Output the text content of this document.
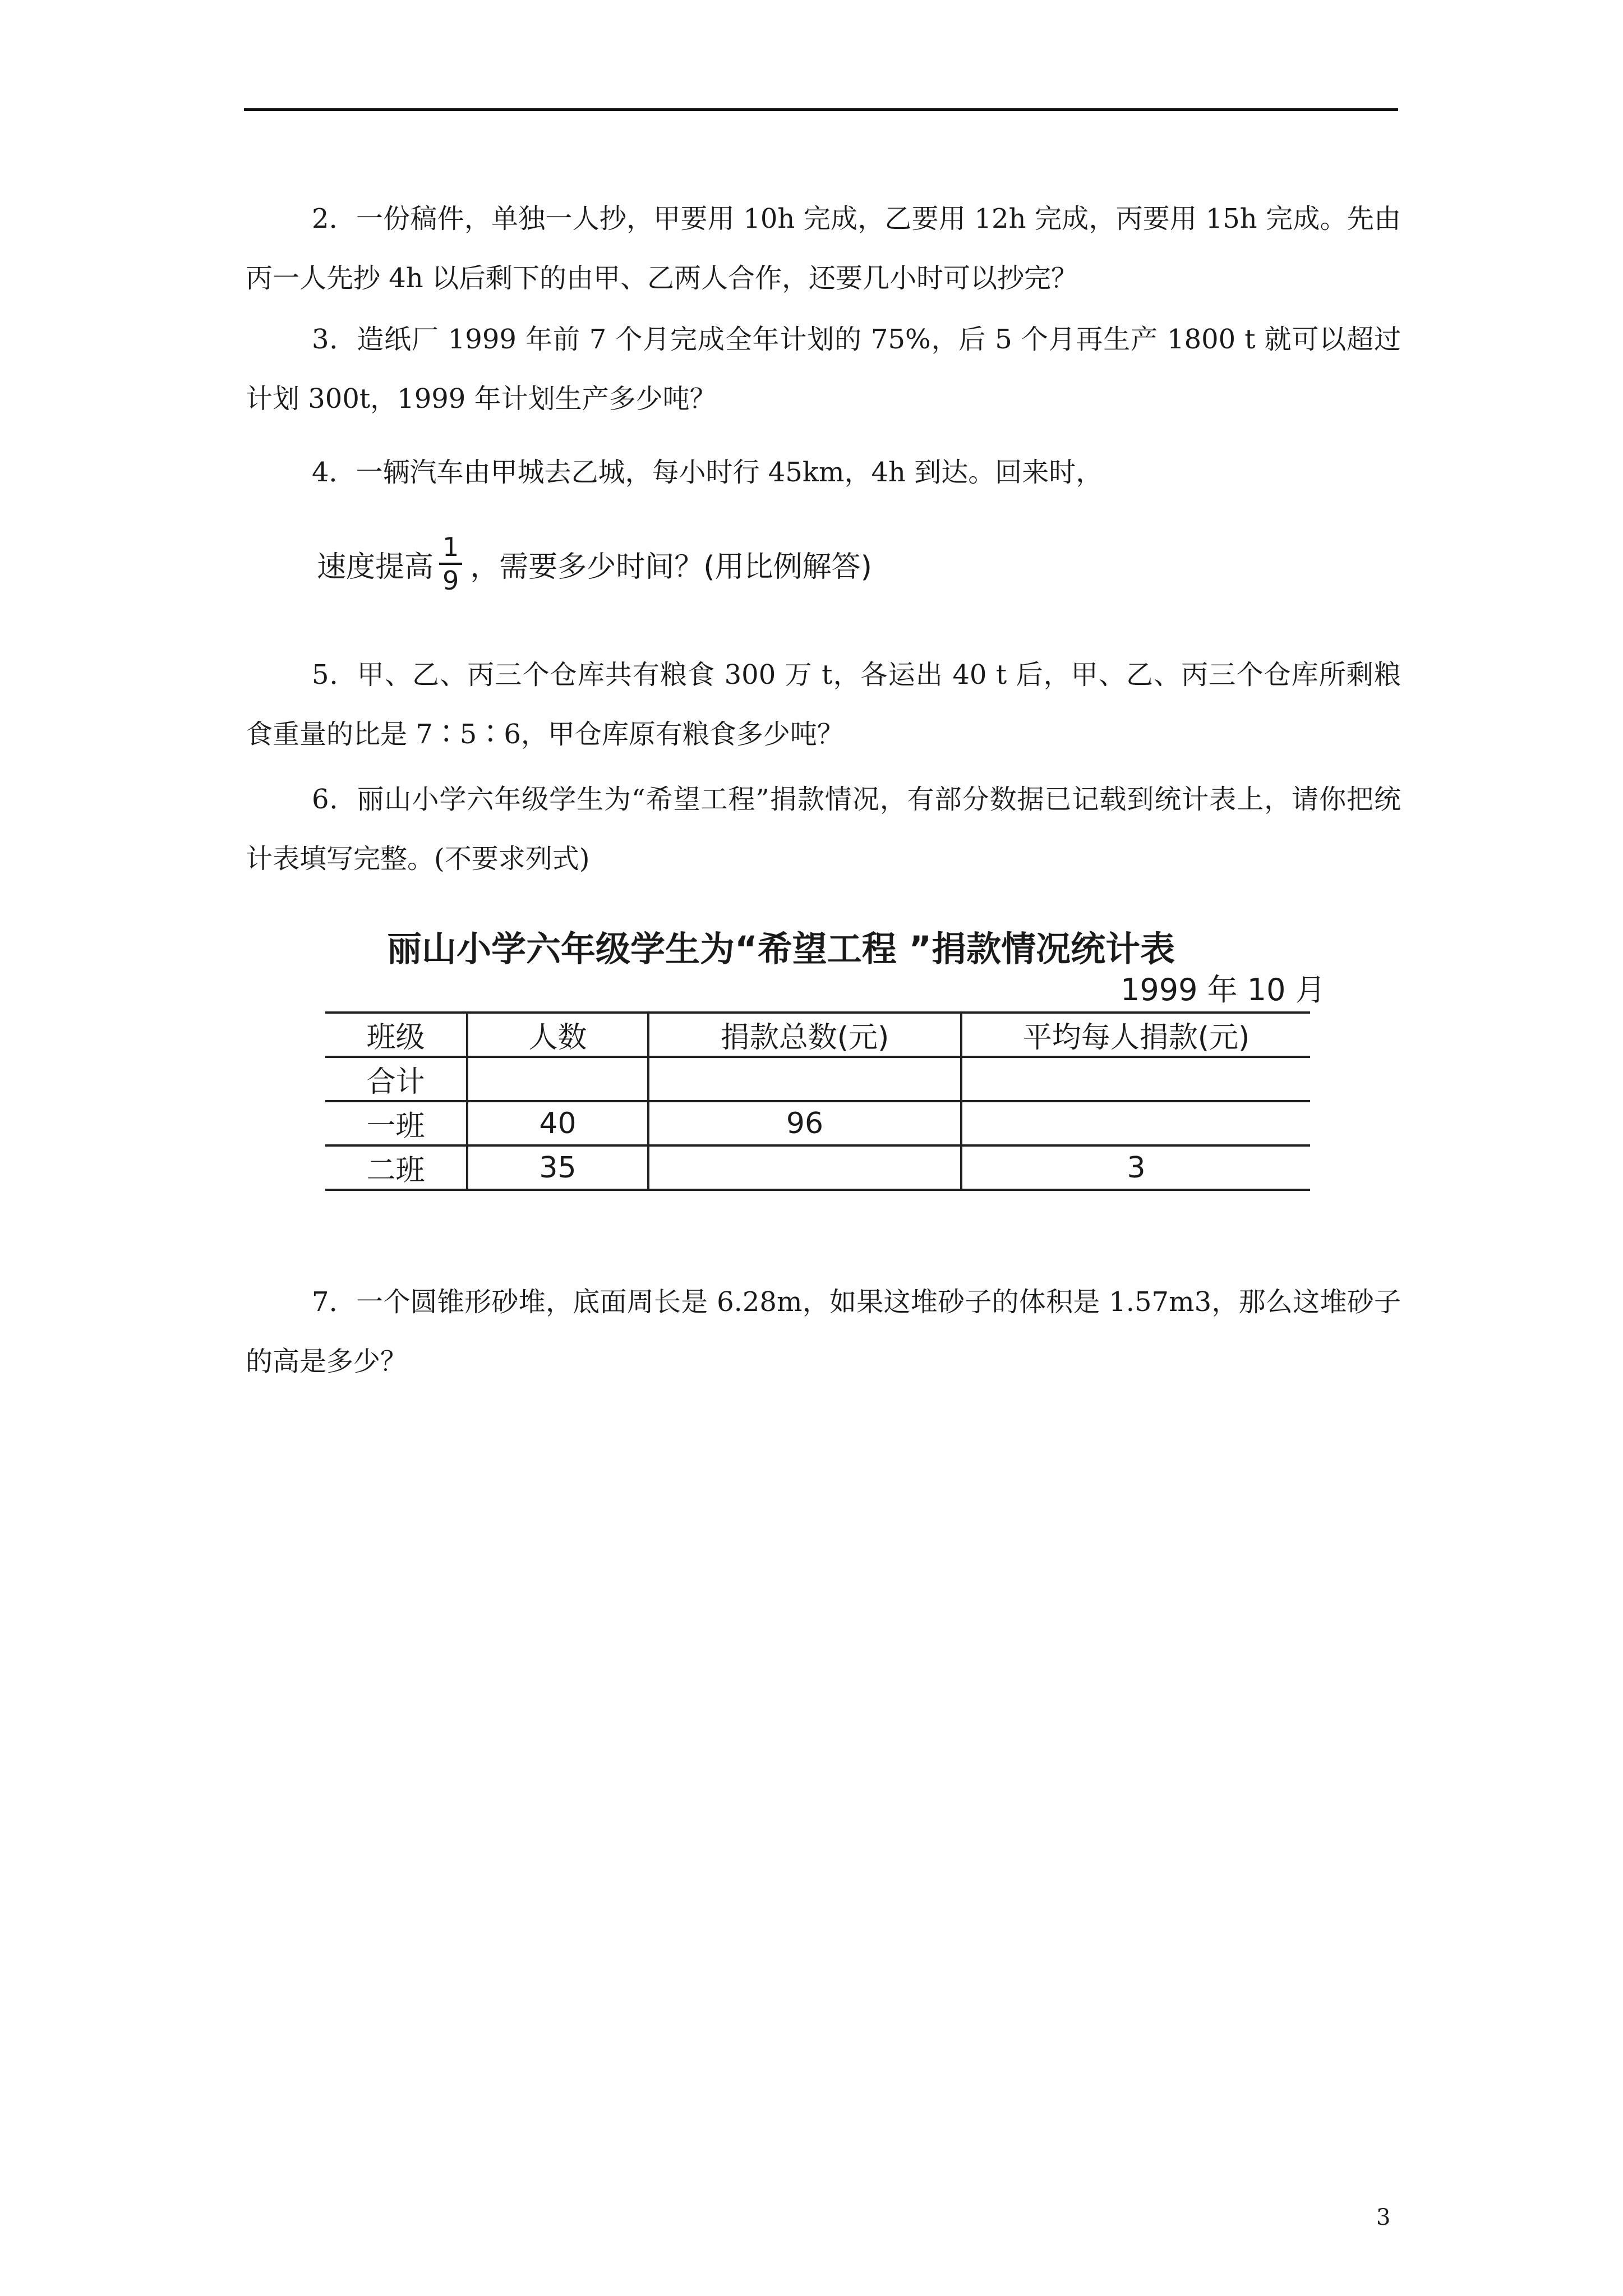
2．一份稿件，单独一人抄，甲要用 10h 完成，乙要用 12h 完成，丙要用 15h 完成。先由丙一人先抄 4h 以后剩下的由甲、乙两人合作，还要几小时可以抄完？

3．造纸厂 1999 年前 7 个月完成全年计划的 75%，后 5 个月再生产 1800 t 就可以超过计划 300t，1999 年计划生产多少吨？

4．一辆汽车由甲城去乙城，每小时行 45km，4h 到达。回来时，

速度提高 $\frac{1}{9}$ ，需要多少时间？(用比例解答)

5．甲、乙、丙三个仓库共有粮食 300 万 t，各运出 40 t 后，甲、乙、丙三个仓库所剩粮食重量的比是 7∶5∶6，甲仓库原有粮食多少吨？

6．丽山小学六年级学生为“希望工程”捐款情况，有部分数据已记载到统计表上，请你把统计表填写完整。(不要求列式)

丽山小学六年级学生为“希望工程 ”捐款情况统计表

1999 年 10 月

班级	人数	捐款总数(元)	平均每人捐款(元)
合计			
一班	40	96	
二班	35		3

7．一个圆锥形砂堆，底面周长是 6.28m，如果这堆砂子的体积是 1.57m3，那么这堆砂子的高是多少？

3
